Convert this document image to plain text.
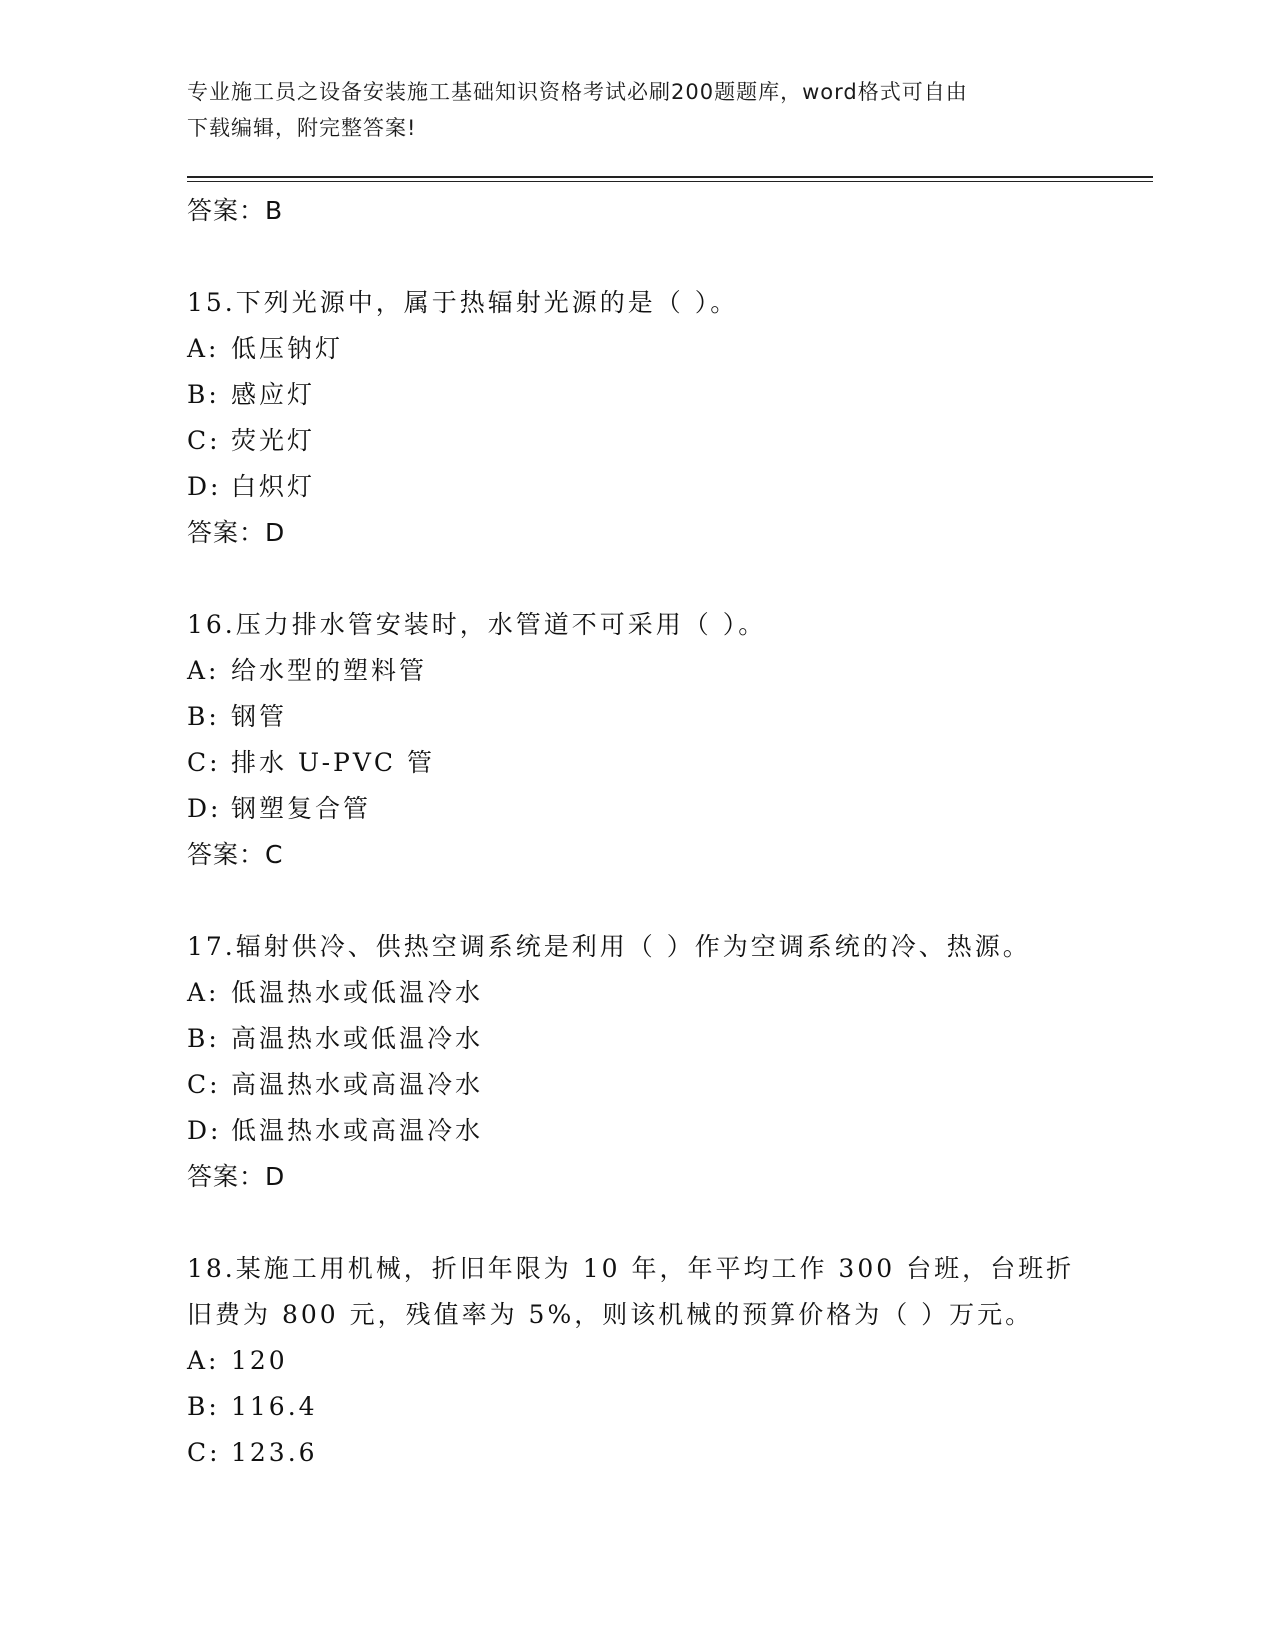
专业施工员之设备安装施工基础知识资格考试必刷200题题库，word格式可自由
下载编辑，附完整答案!
答案：B
15.下列光源中，属于热辐射光源的是（ ）。
A: 低压钠灯
B: 感应灯
C: 荧光灯
D: 白炽灯
答案：D
16.压力排水管安装时，水管道不可采用（ ）。
A: 给水型的塑料管
B: 钢管
C: 排水 U-PVC 管
D: 钢塑复合管
答案：C
17.辐射供冷、供热空调系统是利用（ ）作为空调系统的冷、热源。
A: 低温热水或低温冷水
B: 高温热水或低温冷水
C: 高温热水或高温冷水
D: 低温热水或高温冷水
答案：D
18.某施工用机械，折旧年限为 10 年，年平均工作 300 台班，台班折
旧费为 800 元，残值率为 5%，则该机械的预算价格为（ ）万元。
A: 120
B: 116.4
C: 123.6
